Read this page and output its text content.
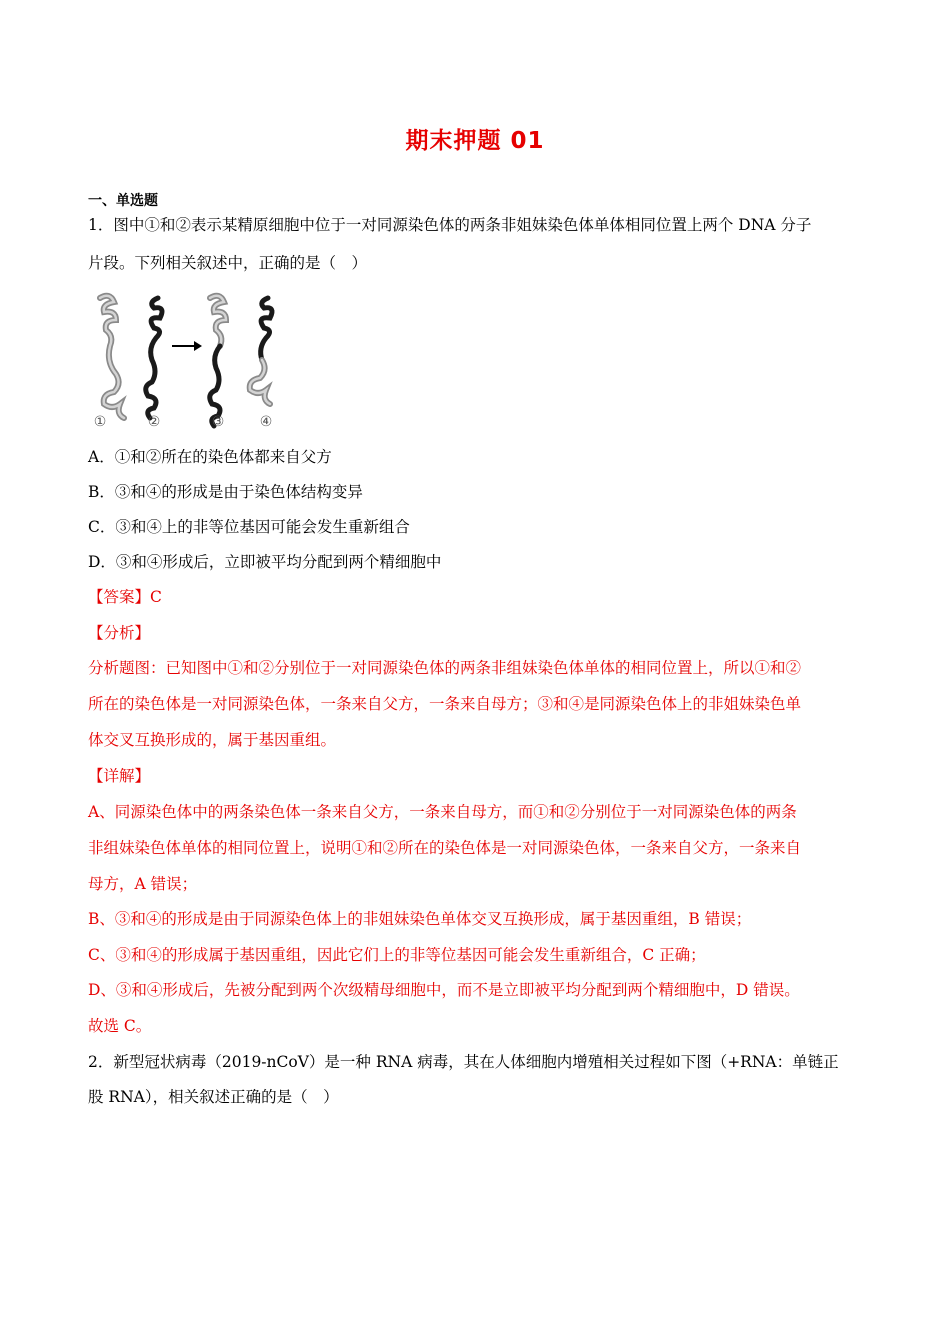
期末押题 01
一、单选题
1．图中①和②表示某精原细胞中位于一对同源染色体的两条非姐妹染色体单体相同位置上两个 DNA 分子
片段。下列相关叙述中，正确的是（　）
①	②	③	④
A．①和②所在的染色体都来自父方
B．③和④的形成是由于染色体结构变异
C．③和④上的非等位基因可能会发生重新组合
D．③和④形成后，立即被平均分配到两个精细胞中
【答案】C
【分析】
分析题图：已知图中①和②分别位于一对同源染色体的两条非组妹染色体单体的相同位置上，所以①和②
所在的染色体是一对同源染色体，一条来自父方，一条来自母方；③和④是同源染色体上的非姐妹染色单
体交叉互换形成的，属于基因重组。
【详解】
A、同源染色体中的两条染色体一条来自父方，一条来自母方，而①和②分别位于一对同源染色体的两条
非组妹染色体单体的相同位置上，说明①和②所在的染色体是一对同源染色体，一条来自父方，一条来自
母方，A 错误；
B、③和④的形成是由于同源染色体上的非姐妹染色单体交叉互换形成，属于基因重组，B 错误；
C、③和④的形成属于基因重组，因此它们上的非等位基因可能会发生重新组合，C 正确；
D、③和④形成后，先被分配到两个次级精母细胞中，而不是立即被平均分配到两个精细胞中，D 错误。
故选 C。
2．新型冠状病毒（2019-nCoV）是一种 RNA 病毒，其在人体细胞内增殖相关过程如下图（+RNA：单链正
股 RNA），相关叙述正确的是（　）
